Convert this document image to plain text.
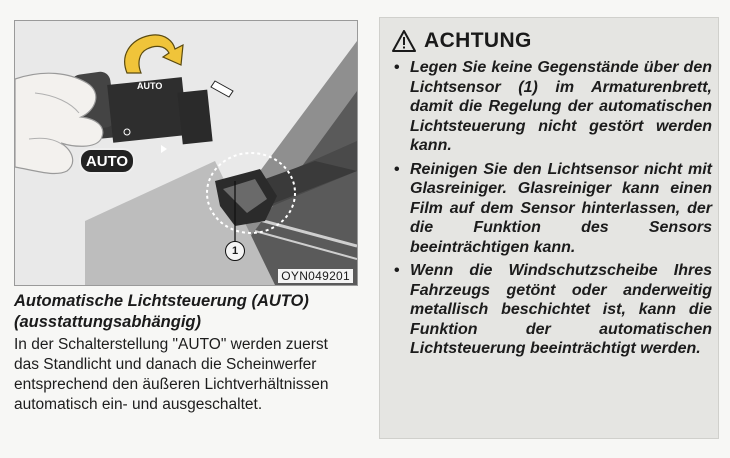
AUTO
AUTO
1
OYN049201
Automatische Lichtsteuerung (AUTO)
(ausstattungsabhängig)

In der Schalterstellung "AUTO" werden zuerst das Standlicht und danach die Scheinwerfer entsprechend den äußeren Lichtverhältnissen automatisch ein- und ausgeschaltet.

ACHTUNG
• Legen Sie keine Gegenstände über den Lichtsensor (1) im Armaturenbrett, damit die Regelung der automatischen Lichtsteuerung nicht gestört werden kann.
• Reinigen Sie den Lichtsensor nicht mit Glasreiniger. Glasreiniger kann einen Film auf dem Sensor hinterlassen, der die Funktion des Sensors beeinträchtigen kann.
• Wenn die Windschutzscheibe Ihres Fahrzeugs getönt oder anderweitig metallisch beschichtet ist, kann die Funktion der automatischen Lichtsteuerung beeinträchtigt werden.
